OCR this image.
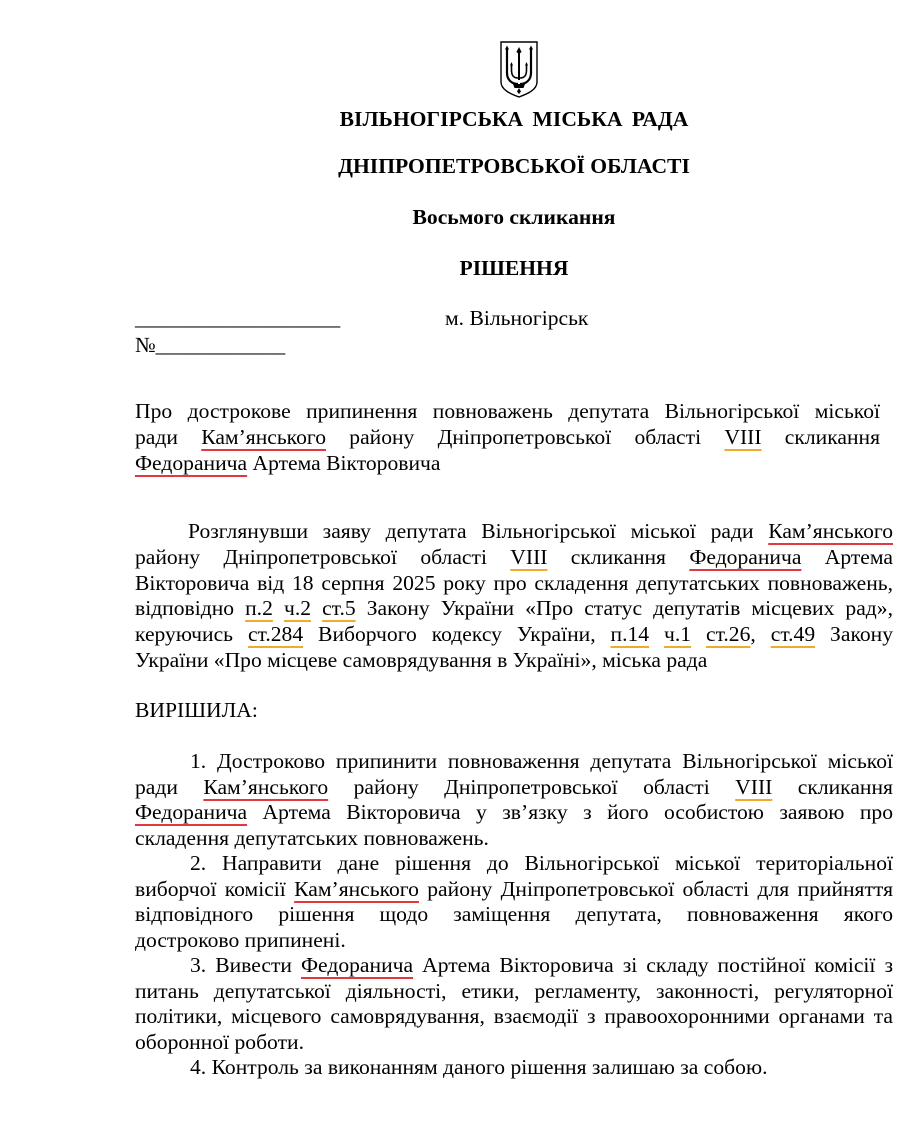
ВІЛЬНОГІРСЬКА МІСЬКА РАДА
ДНІПРОПЕТРОВСЬКОЇ ОБЛАСТІ
Восьмого скликання
РІШЕННЯ
___________________	м. Вільногірськ
№____________
Про дострокове припинення повноважень депутата Вільногірської міської
ради Кам’янського району Дніпропетровської області VIII скликання
Федоранича Артема Вікторовича
Розглянувши заяву депутата Вільногірської міської ради Кам’янського
району Дніпропетровської області VIII скликання Федоранича Артема
Вікторовича від 18 серпня 2025 року про складення депутатських повноважень,
відповідно п.2 ч.2 ст.5 Закону України «Про статус депутатів місцевих рад»,
керуючись ст.284 Виборчого кодексу України, п.14 ч.1 ст.26, ст.49 Закону
України «Про місцеве самоврядування в Україні», міська рада
ВИРІШИЛА:
1. Достроково припинити повноваження депутата Вільногірської міської
ради Кам’янського району Дніпропетровської області VIII скликання
Федоранича Артема Вікторовича у зв’язку з його особистою заявою про
складення депутатських повноважень.
2. Направити дане рішення до Вільногірської міської територіальної
виборчої комісії Кам’янського району Дніпропетровської області для прийняття
відповідного рішення щодо заміщення депутата, повноваження якого
достроково припинені.
3. Вивести Федоранича Артема Вікторовича зі складу постійної комісії з
питань депутатської діяльності, етики, регламенту, законності, регуляторної
політики, місцевого самоврядування, взаємодії з правоохоронними органами та
оборонної роботи.
4. Контроль за виконанням даного рішення залишаю за собою.
